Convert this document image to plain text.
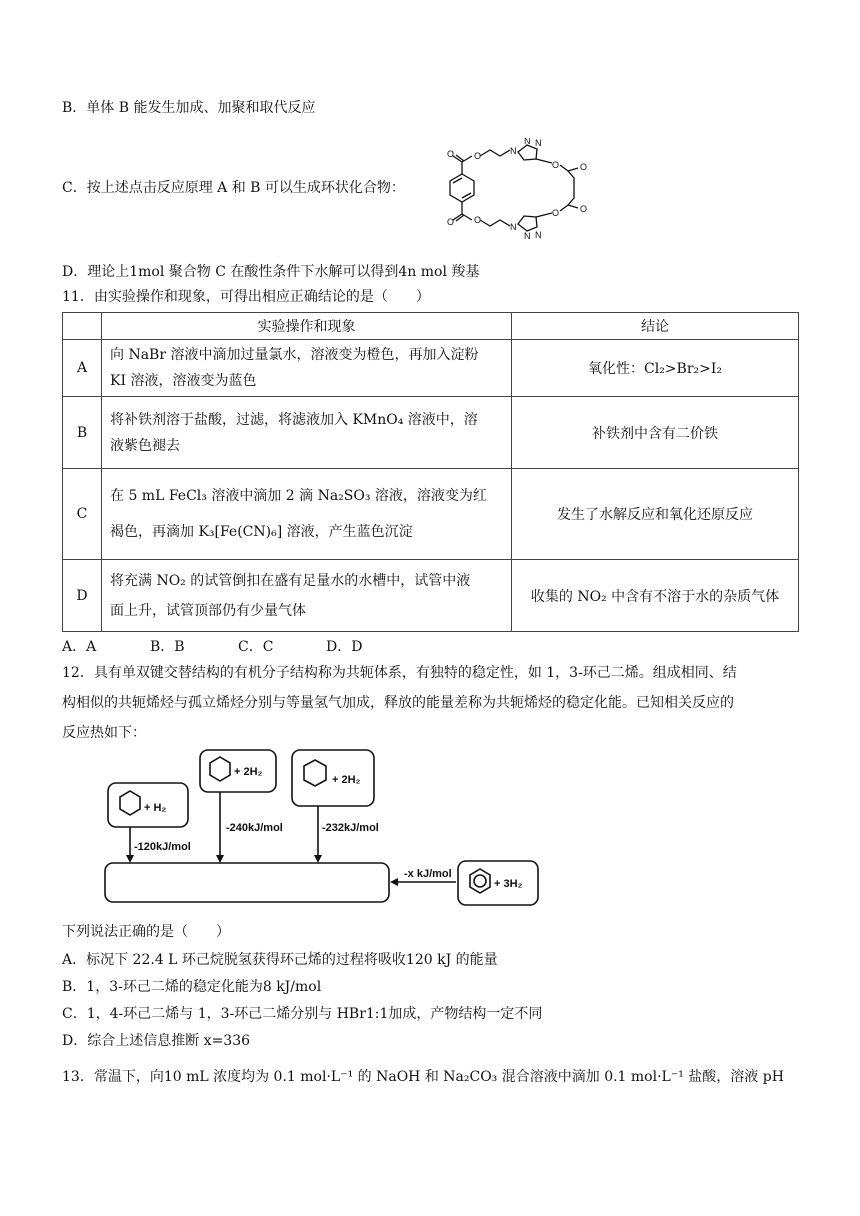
B．单体 B 能发生加成、加聚和取代反应
C．按上述点击反应原理 A 和 B 可以生成环状化合物：
O O
O O
N
N N
N
N N
O O
O O
D．理论上1mol 聚合物 C 在酸性条件下水解可以得到4n mol 羧基
11．由实验操作和现象，可得出相应正确结论的是（　　）
	实验操作和现象	结论
A	向 NaBr 溶液中滴加过量氯水，溶液变为橙色，再加入淀粉
KI 溶液，溶液变为蓝色	氧化性：Cl₂>Br₂>I₂
B	将补铁剂溶于盐酸，过滤，将滤液加入 KMnO₄ 溶液中，溶
液紫色褪去	补铁剂中含有二价铁
C	在 5 mL FeCl₃ 溶液中滴加 2 滴 Na₂SO₃ 溶液，溶液变为红
褐色，再滴加 K₃[Fe(CN)₆] 溶液，产生蓝色沉淀	发生了水解反应和氧化还原反应
D	将充满 NO₂ 的试管倒扣在盛有足量水的水槽中，试管中液
面上升，试管顶部仍有少量气体	收集的 NO₂ 中含有不溶于水的杂质气体
A．A	B．B	C．C	D．D
12．具有单双键交替结构的有机分子结构称为共轭体系，有独特的稳定性，如 1，3-环己二烯。组成相同、结
构相似的共轭烯烃与孤立烯烃分别与等量氢气加成，释放的能量差称为共轭烯烃的稳定化能。已知相关反应的
反应热如下：
+ H₂
+ 2H₂
+ 2H₂
+ 3H₂
-120kJ/mol
-240kJ/mol	-232kJ/mol
-x kJ/mol
下列说法正确的是（　　）
A．标况下 22.4 L 环己烷脱氢获得环己烯的过程将吸收120 kJ 的能量
B．1，3-环己二烯的稳定化能为8 kJ/mol
C．1，4-环己二烯与 1，3-环己二烯分别与 HBr1:1加成，产物结构一定不同
D．综合上述信息推断 x=336
13．常温下，向10 mL 浓度均为 0.1 mol·L⁻¹ 的 NaOH 和 Na₂CO₃ 混合溶液中滴加 0.1 mol·L⁻¹ 盐酸，溶液 pH
